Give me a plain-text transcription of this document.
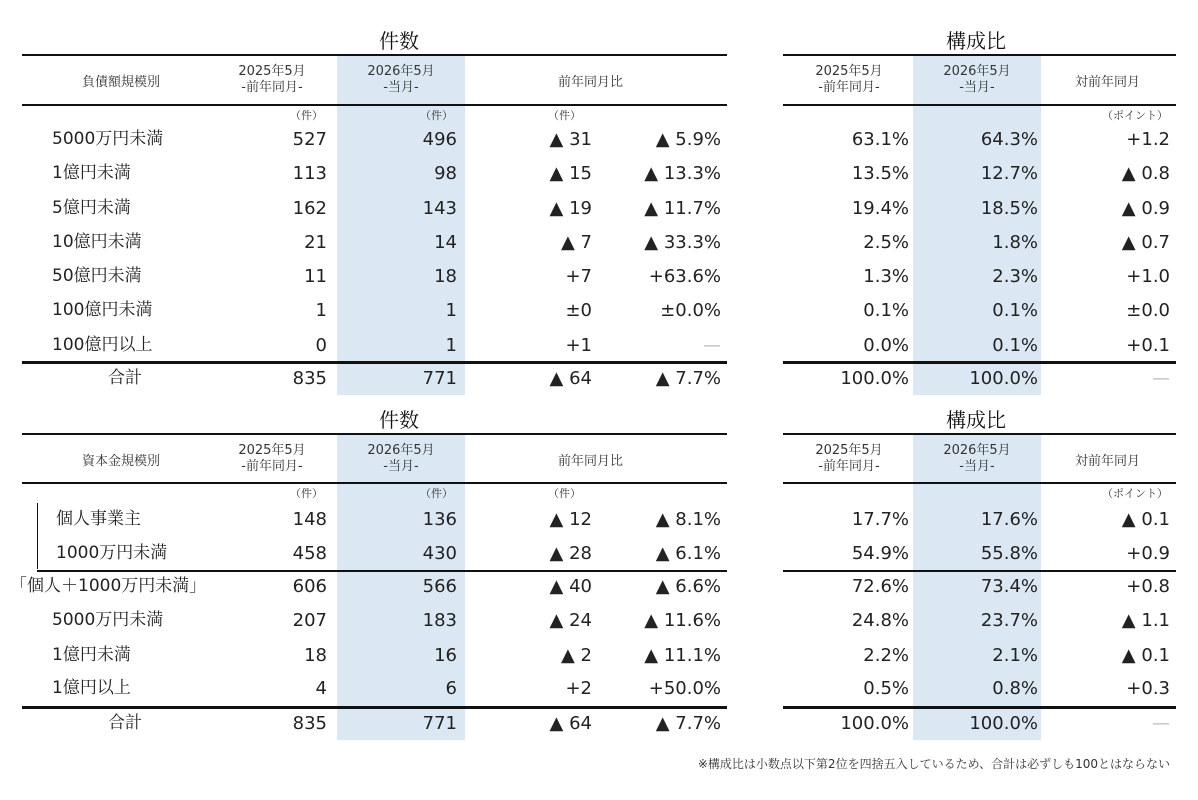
件数	構成比
負債額規模別
2025年5月
-前年同月-
2026年5月
-当月-	前年同月比
2025年5月
-前年同月-
2026年5月
-当月-	対前年同月
（件）	（件）	（件）	（ポイント）
5000万円未満	527	496	▲ 31	▲ 5.9%	63.1%	64.3%	+1.2
1億円未満	113	98	▲ 15	▲ 13.3%	13.5%	12.7%	▲ 0.8
5億円未満	162	143	▲ 19	▲ 11.7%	19.4%	18.5%	▲ 0.9
10億円未満	21	14	▲ 7	▲ 33.3%	2.5%	1.8%	▲ 0.7
50億円未満	11	18	+7	+63.6%	1.3%	2.3%	+1.0
100億円未満	1	1	±0	±0.0%	0.1%	0.1%	±0.0
100億円以上	0	1	+1	—	0.0%	0.1%	+0.1
合計	835	771	▲ 64	▲ 7.7%	100.0%	100.0%	—
件数	構成比
資本金規模別
2025年5月
-前年同月-
2026年5月
-当月-	前年同月比
2025年5月
-前年同月-
2026年5月
-当月-	対前年同月
（件）	（件）	（件）	（ポイント）
個人事業主	148	136	▲ 12	▲ 8.1%	17.7%	17.6%	▲ 0.1
1000万円未満	458	430	▲ 28	▲ 6.1%	54.9%	55.8%	+0.9
「個人＋1000万円未満」	606	566	▲ 40	▲ 6.6%	72.6%	73.4%	+0.8
5000万円未満	207	183	▲ 24	▲ 11.6%	24.8%	23.7%	▲ 1.1
1億円未満	18	16	▲ 2	▲ 11.1%	2.2%	2.1%	▲ 0.1
1億円以上	4	6	+2	+50.0%	0.5%	0.8%	+0.3
合計	835	771	▲ 64	▲ 7.7%	100.0%	100.0%	—
※構成比は小数点以下第2位を四捨五入しているため、合計は必ずしも100とはならない
